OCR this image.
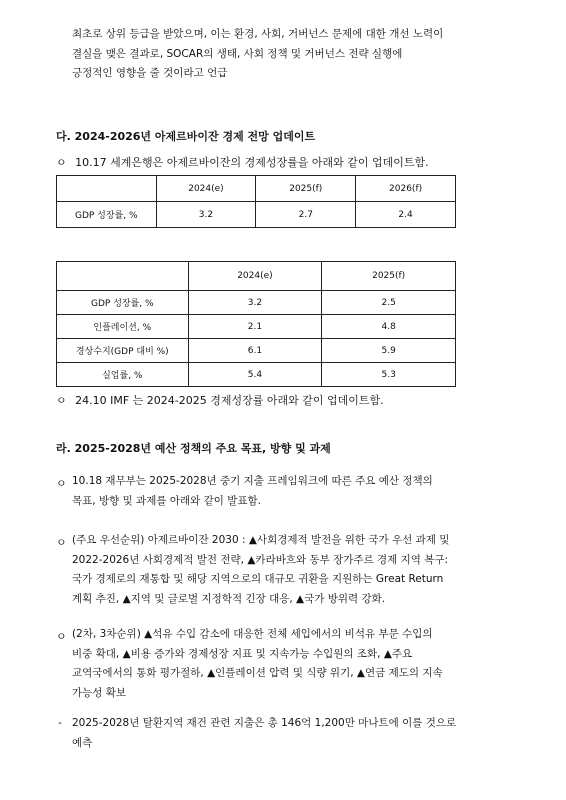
최초로 상위 등급을 받았으며, 이는 환경, 사회, 거버넌스 문제에 대한 개선 노력이
결실을 맺은 결과로, SOCAR의 생태, 사회 정책 및 거버넌스 전략 실행에
긍정적인 영향을 줄 것이라고 언급
다. 2024-2026년 아제르바이잔 경제 전망 업데이트
ㅇ 10.17 세계은행은 아제르바이잔의 경제성장률을 아래와 같이 업데이트함.
	2024(e)	2025(f)	2026(f)
GDP 성장률, %	3.2	2.7	2.4
	2024(e)	2025(f)
GDP 성장률, %	3.2	2.5
인플레이션, %	2.1	4.8
경상수지(GDP 대비 %)	6.1	5.9
실업률, %	5.4	5.3
ㅇ 24.10 IMF 는 2024-2025 경제성장률 아래와 같이 업데이트함.
라. 2025-2028년 예산 정책의 주요 목표, 방향 및 과제
ㅇ 10.18 재무부는 2025-2028년 중기 지출 프레임워크에 따른 주요 예산 정책의
목표, 방향 및 과제를 아래와 같이 발표함.
ㅇ (주요 우선순위) 아제르바이잔 2030 : ▲사회경제적 발전을 위한 국가 우선 과제 및
2022-2026년 사회경제적 발전 전략, ▲카라바흐와 동부 장가주르 경제 지역 복구:
국가 경제로의 재통합 및 해당 지역으로의 대규모 귀환을 지원하는 Great Return
계획 추진, ▲지역 및 글로벌 지정학적 긴장 대응, ▲국가 방위력 강화.
ㅇ (2차, 3차순위) ▲석유 수입 감소에 대응한 전체 세입에서의 비석유 부문 수입의
비중 확대, ▲비용 증가와 경제성장 지표 및 지속가능 수입원의 조화, ▲주요
교역국에서의 통화 평가절하, ▲인플레이션 압력 및 식량 위기, ▲연금 제도의 지속
가능성 확보
- 2025-2028년 탈환지역 재건 관련 지출은 총 146억 1,200만 마나트에 이를 것으로
예측
